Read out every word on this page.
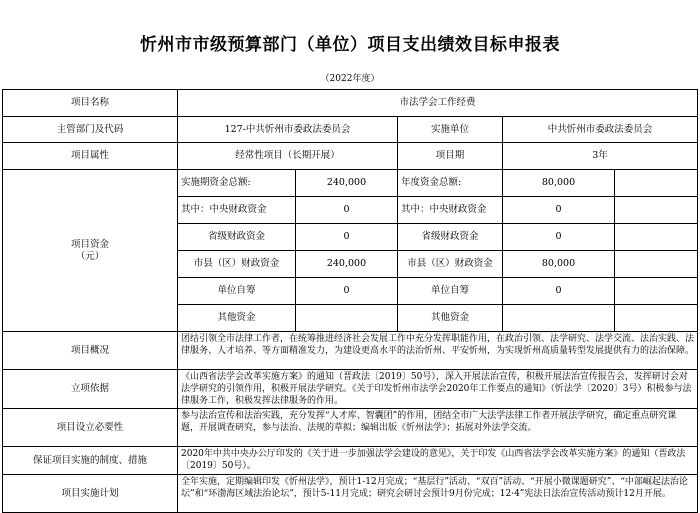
忻州市市级预算部门（单位）项目支出绩效目标申报表
（2022年度）
项目名称	市法学会工作经费				
主管部门及代码	127-中共忻州市委政法委员会		实施单位	中共忻州市委政法委员会	
项目属性	经常性项目（长期开展）		项目期	3年	

项目资金
（元）	实施期资金总额:	240,000	年度资金总额:	80,000	
	其中：中央财政资金	0	其中：中央财政资金	0	
	省级财政资金	0	省级财政资金	0	
	市县（区）财政资金	240,000	市县（区）财政资金	80,000	
	单位自筹	0	单位自筹	0	
	其他资金		其他资金		
项目概况	团结引领全市法律工作者，在统筹推进经济社会发展工作中充分发挥职能作用，在政治引领、法学研究、法学交流、法治实践、法律服务、人才培养、等方面精准发力，为建设更高水平的法治忻州、平安忻州，为实现忻州高质量转型发展提供有力的法治保障。				

立项依据	《山西省法学会改革实施方案》的通知（晋政法〔2019〕50号），深入开展法治宣传，积极开展法治宣传报告会，发挥研讨会对法学研究的引领作用，积极开展法学研究。《关于印发忻州市法学会2020年工作要点的通知》（忻法学〔2020〕3号）积极参与法律服务工作，积极发挥法律服务的作用。				

项目设立必要性	参与法治宣传和法治实践，充分发挥“人才库、智囊团”的作用，团结全市广大法学法律工作者开展法学研究，确定重点研究课题，开展调查研究，参与法治、法规的草拟；编辑出版《忻州法学》；拓展对外法学交流。				

保证项目实施的制度、措施	2020年中共中央办公厅印发的《关于进一步加强法学会建设的意见》，关于印发《山西省法学会改革实施方案》的通知（晋政法〔2019〕50号）。				

项目实施计划	全年实施，定期编辑印发《忻州法学》，预计1-12月完成；“基层行”活动、“双百”活动、“开展小微课题研究”、“中部崛起法治论坛”和“环渤海区域法治论坛”，预计5-11月完成；研究会研讨会预计9月份完成；12·4”宪法日法治宣传活动预计12月开展。				
